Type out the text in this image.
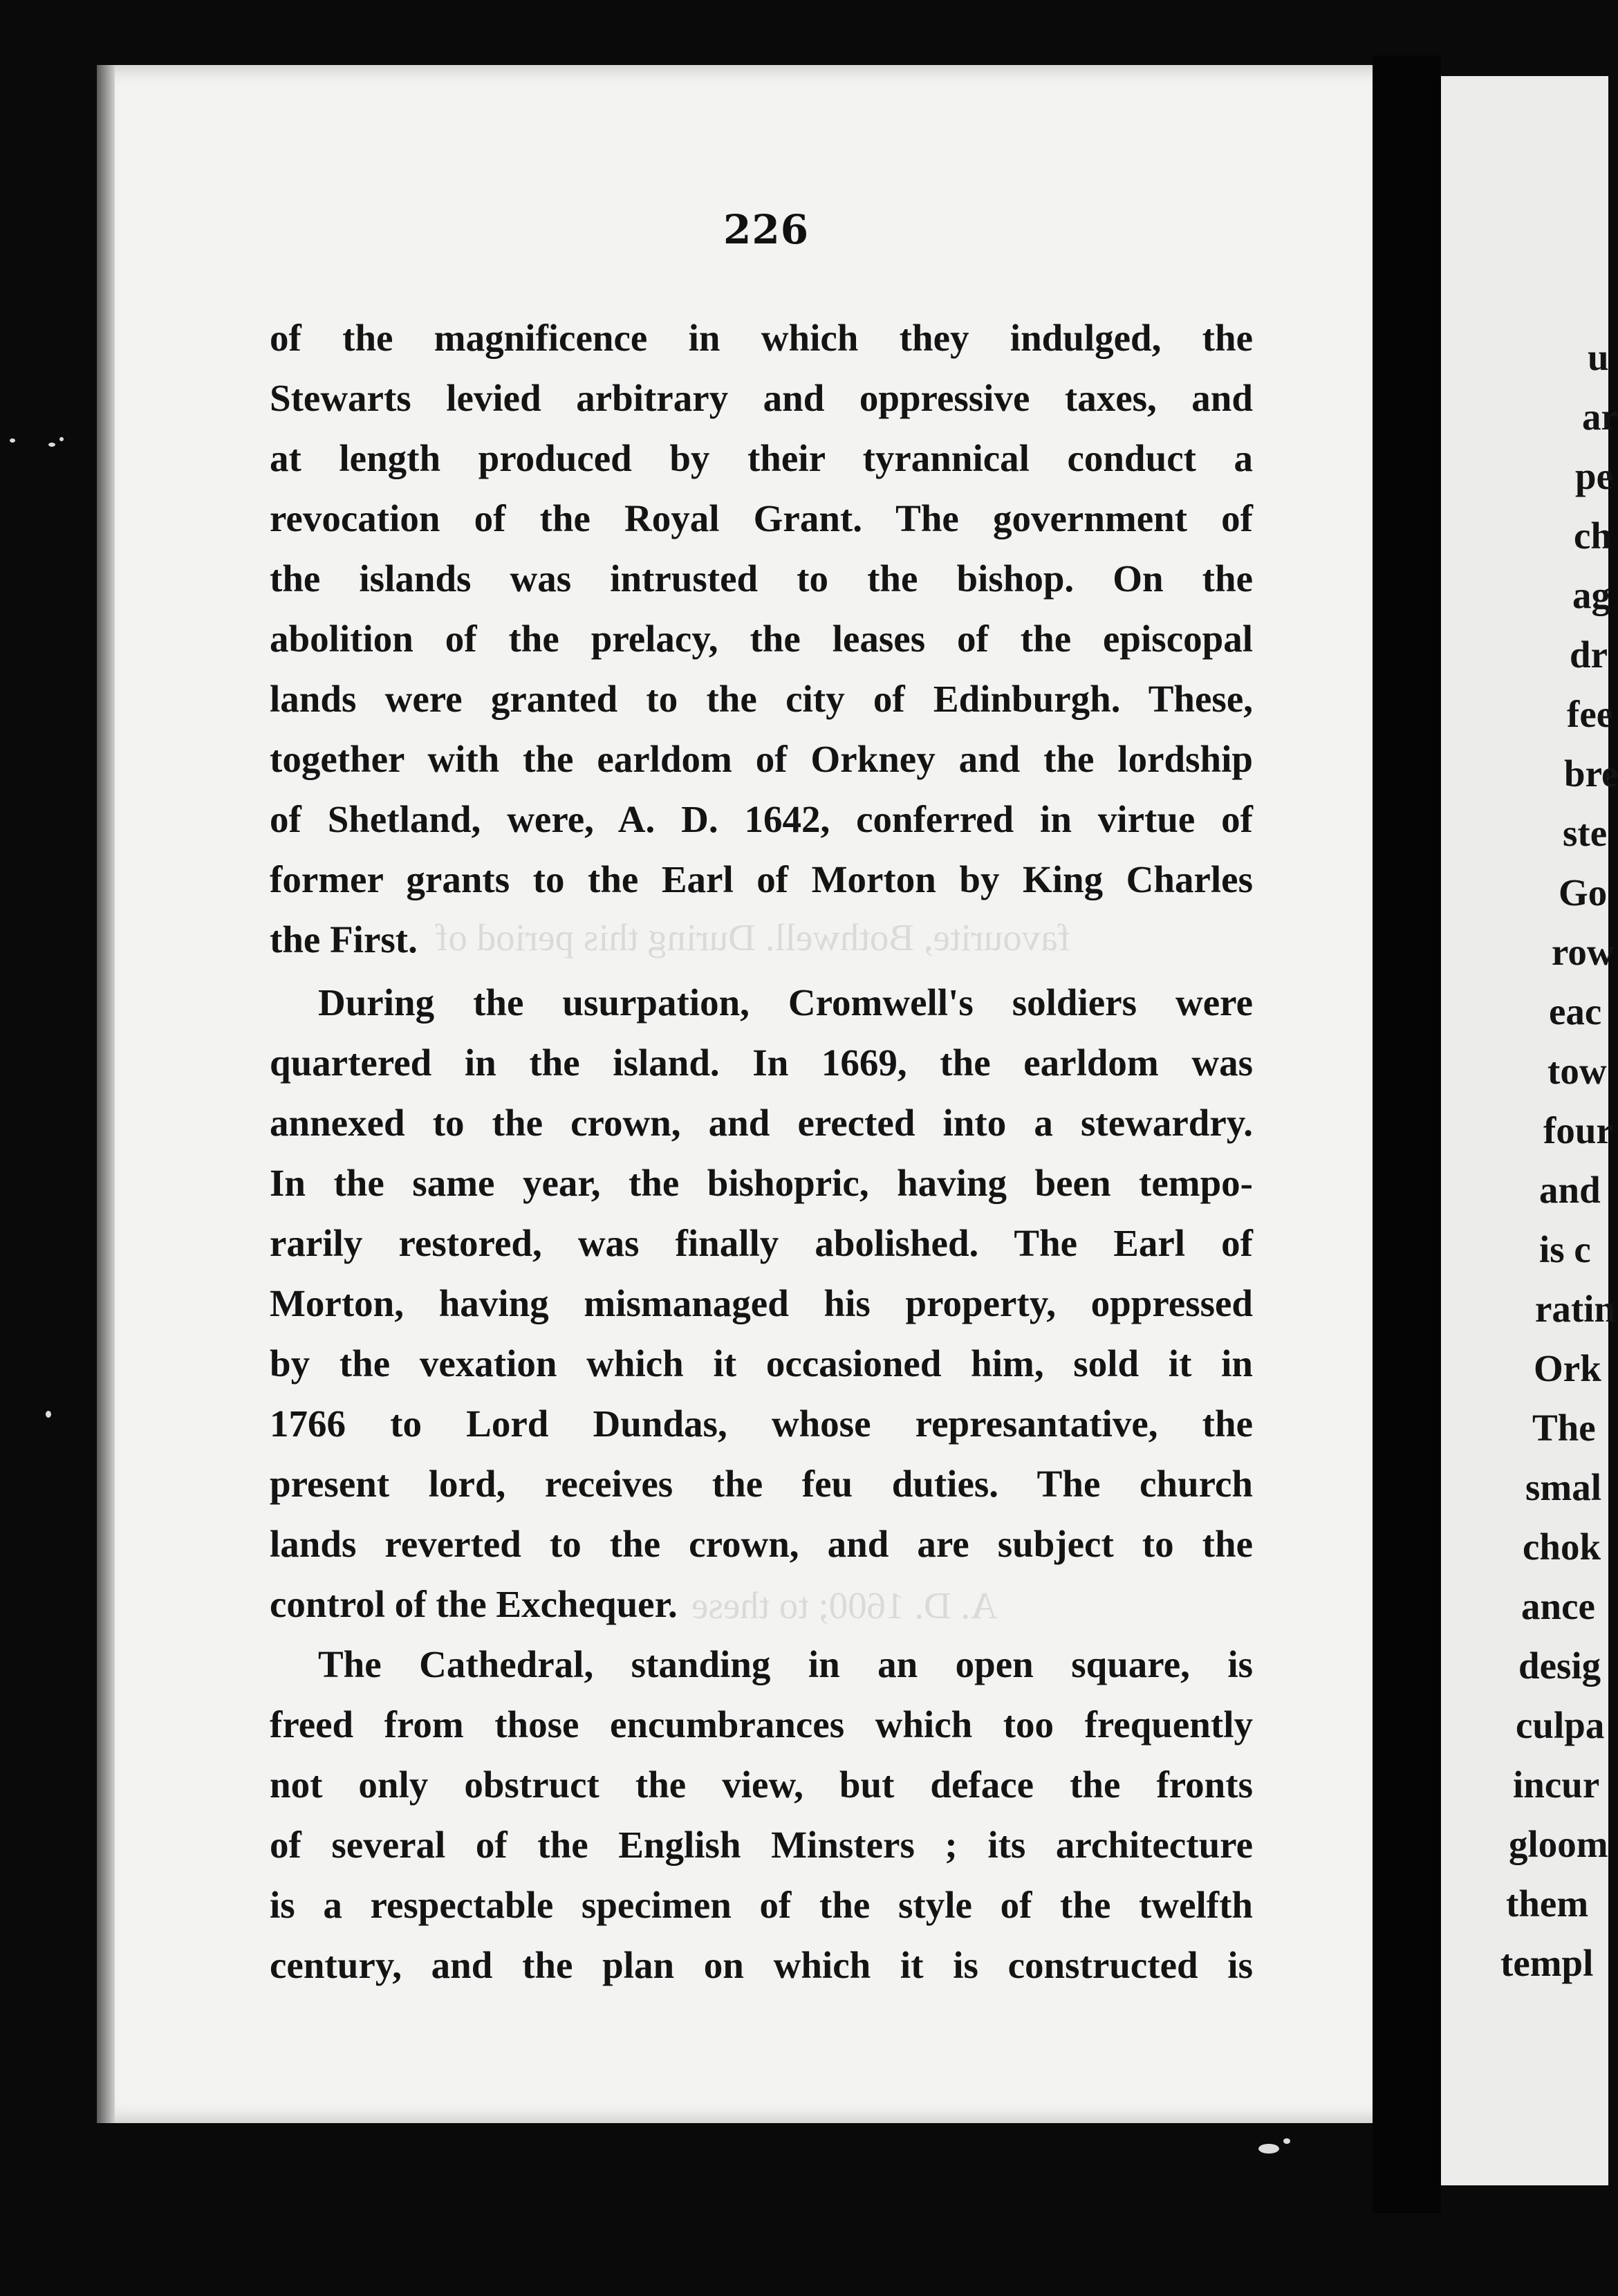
favourite, Bothwell. During this period of
A. D. 1600; to these
226
of the magnificence in which they indulged, the
Stewarts levied arbitrary and oppressive taxes, and
at length produced by their tyrannical conduct a
revocation of the Royal Grant. The government of
the islands was intrusted to the bishop. On the
abolition of the prelacy, the leases of the episcopal
lands were granted to the city of Edinburgh. These,
together with the earldom of Orkney and the lordship
of Shetland, were, A. D. 1642, conferred in virtue of
former grants to the Earl of Morton by King Charles
the First.
During the usurpation, Cromwell's soldiers were
quartered in the island. In 1669, the earldom was
annexed to the crown, and erected into a stewardry.
In the same year, the bishopric, having been tempo-
rarily restored, was finally abolished. The Earl of
Morton, having mismanaged his property, oppressed
by the vexation which it occasioned him, sold it in
1766 to Lord Dundas, whose represantative, the
present lord, receives the feu duties. The church
lands reverted to the crown, and are subject to the
control of the Exchequer.
The Cathedral, standing in an open square, is
freed from those encumbrances which too frequently
not only obstruct the view, but deface the fronts
of several of the English Minsters ; its architecture
is a respectable specimen of the style of the twelfth
century, and the plan on which it is constructed is
u
ar
pe
ch
ag
dr
fee
bre
ste
Go
row
eac
tow
four
and
is c
ratin
Ork
The
smal
chok
ance
desig
culpa
incur
gloom
them
templ
